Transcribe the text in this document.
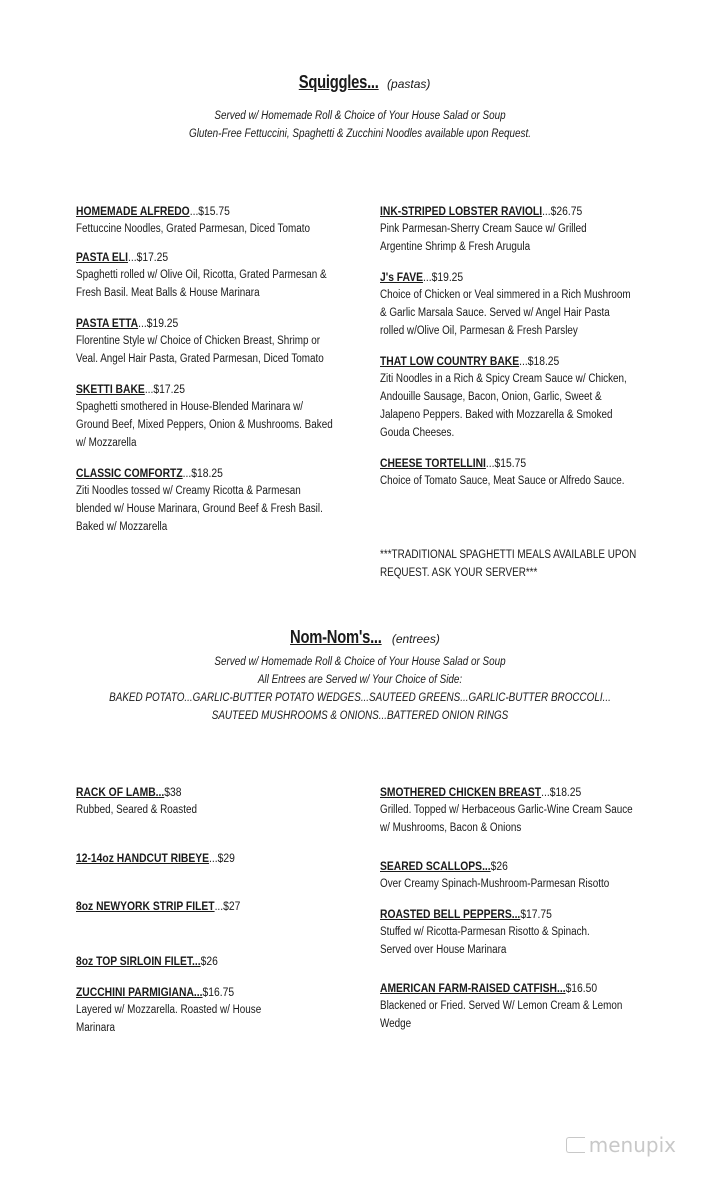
Squiggles... (pastas)
Served w/ Homemade Roll & Choice of Your House Salad or Soup
Gluten-Free Fettuccini, Spaghetti & Zucchini Noodles available upon Request.
HOMEMADE ALFREDO...$15.75
Fettuccine Noodles, Grated Parmesan, Diced Tomato
PASTA ELI...$17.25
Spaghetti rolled w/ Olive Oil, Ricotta, Grated Parmesan &
Fresh Basil. Meat Balls & House Marinara
PASTA ETTA...$19.25
Florentine Style w/ Choice of Chicken Breast, Shrimp or
Veal. Angel Hair Pasta, Grated Parmesan, Diced Tomato
SKETTI BAKE...$17.25
Spaghetti smothered in House-Blended Marinara w/
Ground Beef, Mixed Peppers, Onion & Mushrooms. Baked
w/ Mozzarella
CLASSIC COMFORTZ...$18.25
Ziti Noodles tossed w/ Creamy Ricotta & Parmesan
blended w/ House Marinara, Ground Beef & Fresh Basil.
Baked w/ Mozzarella
INK-STRIPED LOBSTER RAVIOLI...$26.75
Pink Parmesan-Sherry Cream Sauce w/ Grilled
Argentine Shrimp & Fresh Arugula
J's FAVE...$19.25
Choice of Chicken or Veal simmered in a Rich Mushroom
& Garlic Marsala Sauce. Served w/ Angel Hair Pasta
rolled w/Olive Oil, Parmesan & Fresh Parsley
THAT LOW COUNTRY BAKE...$18.25
Ziti Noodles in a Rich & Spicy Cream Sauce w/ Chicken,
Andouille Sausage, Bacon, Onion, Garlic, Sweet &
Jalapeno Peppers. Baked with Mozzarella & Smoked
Gouda Cheeses.
CHEESE TORTELLINI...$15.75
Choice of Tomato Sauce, Meat Sauce or Alfredo Sauce.
***TRADITIONAL SPAGHETTI MEALS AVAILABLE UPON
REQUEST. ASK YOUR SERVER***
Nom-Nom's... (entrees)
Served w/ Homemade Roll & Choice of Your House Salad or Soup
All Entrees are Served w/ Your Choice of Side:
BAKED POTATO...GARLIC-BUTTER POTATO WEDGES...SAUTEED GREENS...GARLIC-BUTTER BROCCOLI...
SAUTEED MUSHROOMS & ONIONS...BATTERED ONION RINGS
RACK OF LAMB...$38
Rubbed, Seared & Roasted
12-14oz HANDCUT RIBEYE...$29
8oz NEWYORK STRIP FILET...$27
8oz TOP SIRLOIN FILET...$26
ZUCCHINI PARMIGIANA...$16.75
Layered w/ Mozzarella. Roasted w/ House
Marinara
SMOTHERED CHICKEN BREAST...$18.25
Grilled. Topped w/ Herbaceous Garlic-Wine Cream Sauce
w/ Mushrooms, Bacon & Onions
SEARED SCALLOPS...$26
Over Creamy Spinach-Mushroom-Parmesan Risotto
ROASTED BELL PEPPERS...$17.75
Stuffed w/ Ricotta-Parmesan Risotto & Spinach.
Served over House Marinara
AMERICAN FARM-RAISED CATFISH...$16.50
Blackened or Fried. Served W/ Lemon Cream & Lemon
Wedge
menupix
